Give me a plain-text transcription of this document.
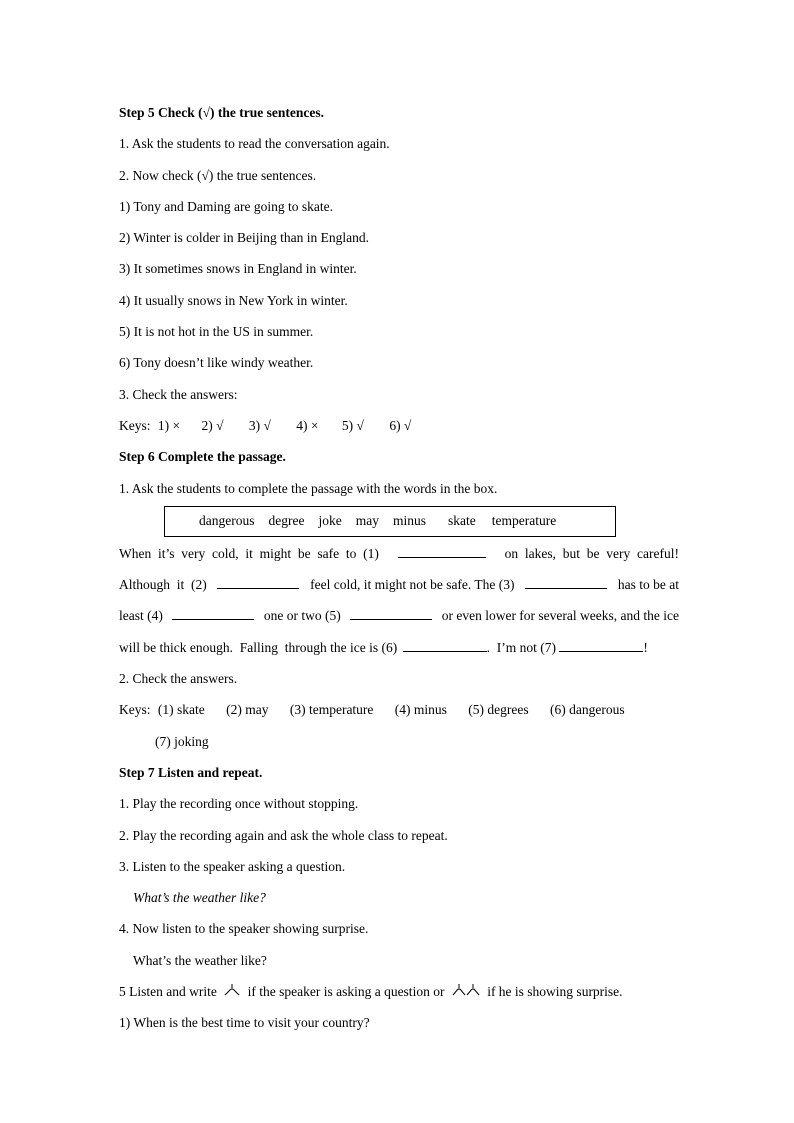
Step 5 Check (√) the true sentences.
1. Ask the students to read the conversation again.
2. Now check (√) the true sentences.
1) Tony and Daming are going to skate.
2) Winter is colder in Beijing than in England.
3) It sometimes snows in England in winter.
4) It usually snows in New York in winter.
5) It is not hot in the US in summer.
6) Tony doesn’t like windy weather.
3. Check the answers:
Keys: 1) × 2) √ 3) √ 4) × 5) √ 6) √
Step 6 Complete the passage.
1. Ask the students to complete the passage with the words in the box.
dangerous degree joke may minus skate temperature
When  it’s  very  cold,  it  might  be  safe  to  (1)	on  lakes,  but  be  very  careful!
Although  it  (2)	feel cold, it might not be safe. The (3)	has to be at
least (4)	one or two (5)	or even lower for several weeks, and the ice
will be thick enough.  Falling  through the ice is (6)	.  I’m not (7)	!
2. Check the answers.
Keys: (1) skate (2) may (3) temperature (4) minus (5) degrees (6) dangerous
(7) joking
Step 7 Listen and repeat.
1. Play the recording once without stopping.
2. Play the recording again and ask the whole class to repeat.
3. Listen to the speaker asking a question.
What’s the weather like?
4. Now listen to the speaker showing surprise.
What’s the weather like?
5 Listen and write if the speaker is asking a question or	if he is showing surprise.
1) When is the best time to visit your country?
